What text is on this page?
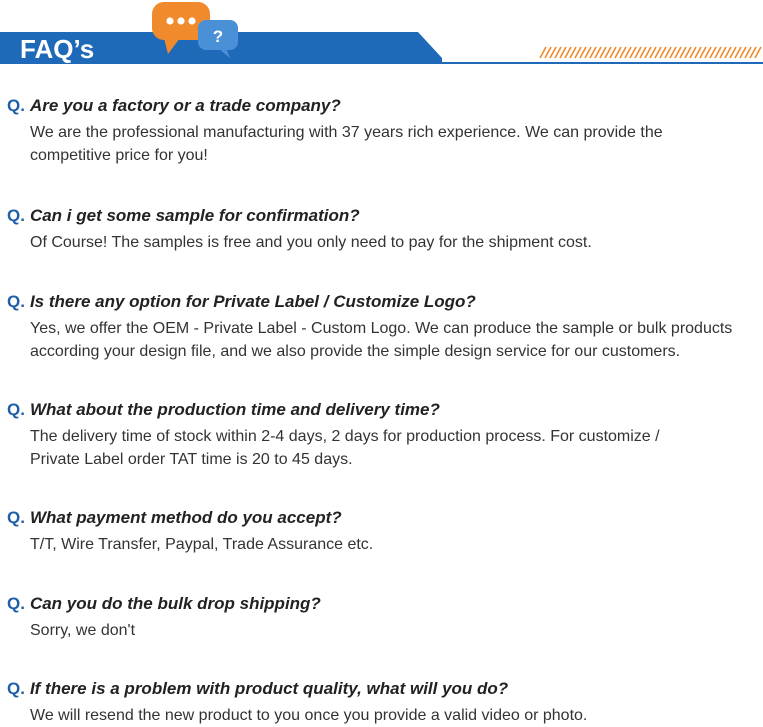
?
FAQ’s
Q. Are you a factory or a trade company?
We are the professional manufacturing with 37 years rich experience. We can provide the
competitive price for you!
Q. Can i get some sample for confirmation?
Of Course! The samples is free and you only need to pay for the shipment cost.
Q. Is there any option for Private Label / Customize Logo?
Yes, we offer the OEM - Private Label - Custom Logo. We can produce the sample or bulk products
according your design file, and we also provide the simple design service for our customers.
Q. What about the production time and delivery time?
The delivery time of stock within 2-4 days, 2 days for production process. For customize /
Private Label order TAT time is 20 to 45 days.
Q. What payment method do you accept?
T/T, Wire Transfer, Paypal, Trade Assurance etc.
Q. Can you do the bulk drop shipping?
Sorry, we don't
Q. If there is a problem with product quality, what will you do?
We will resend the new product to you once you provide a valid video or photo.
